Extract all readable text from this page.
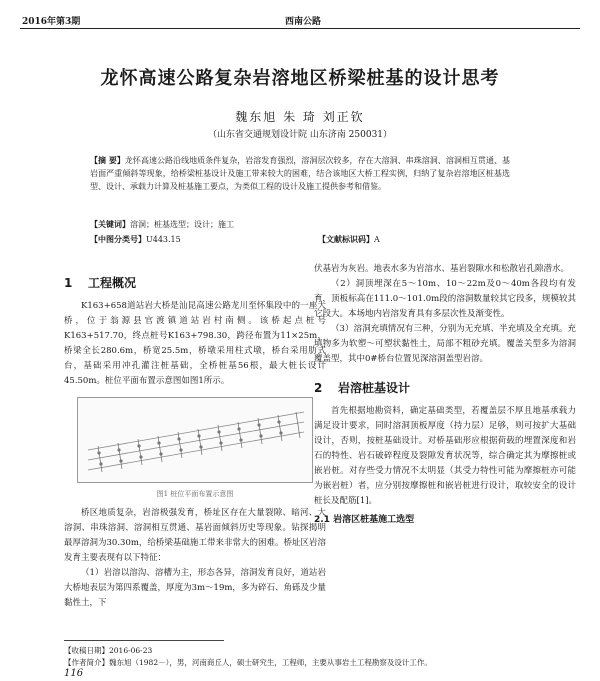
2016年第3期	西南公路
龙怀高速公路复杂岩溶地区桥梁桩基的设计思考
魏东旭 朱 琦 刘正钦
（山东省交通规划设计院 山东济南 250031）
【摘 要】龙怀高速公路沿线地质条件复杂，岩溶发育强烈，溶洞层次较多，存在大溶洞、串珠溶洞、溶洞相互贯通、基岩面严重倾斜等现象，给桥梁桩基设计及施工带来较大的困难，结合该地区大桥工程实例，归纳了复杂岩溶地区桩基选型、设计、承载力计算及桩基施工要点，为类似工程的设计及施工提供参考和借鉴。
【关键词】溶洞；桩基选型；设计；施工
【中图分类号】U443.15	【文献标识码】A
1 工程概况

K163+658道站岩大桥是汕昆高速公路龙川至怀集段中的一座大桥，位于翁源县官渡镇道站岩村南侧。该桥起点桩号K163+517.70，终点桩号K163+798.30，跨径布置为11×25m，桥梁全长280.6m，桥宽25.5m，桥墩采用柱式墩，桥台采用肋式台，基础采用冲孔灌注桩基础，全桥桩基56根，最大桩长设计45.50m。桩位平面布置示意图如图1所示。

图1 桩位平面布置示意图

桥区地质复杂，岩溶极强发育，桥址区存在大量裂隙、暗河、大溶洞、串珠溶洞、溶洞相互贯通、基岩面倾斜历史等现象。钻探揭明最厚溶洞为30.30m，给桥梁基础施工带来非常大的困难。桥址区岩溶发育主要表现有以下特征：

（1）岩溶以溶沟、溶槽为主，形态各异，溶洞发育良好，道站岩大桥地表层为第四系覆盖，厚度为3m～19m，多为碎石、角砾及少量黏性土，下

伏基岩为灰岩。地表水多为岩溶水、基岩裂隙水和松散岩孔隙潜水。

（2）洞顶埋深在5～10m、10～22m及0～40m各段均有发育，顶板标高在111.0～101.0m段的溶洞数量较其它段多，规模较其它段大。本场地内岩溶发育具有多层次性及渐变性。

（3）溶洞充填情况有三种，分别为无充填、半充填及全充填。充填物多为软塑～可塑状黏性土，局部不粗砂充填。覆盖关型多为溶洞覆盖型，其中0#桥台位置见深溶洞盖型岩溶。

2 岩溶桩基设计

首先根据地勘资料，确定基础类型，若覆盖层不厚且地基承载力满足设计要求，同时溶洞顶板厚度（持力层）足够，则可按扩大基础设计，否则，按桩基础设计。对桥基础形应根据荷载的埋置深度和岩石的特性、岩石破碎程度及裂隙发育状况等，综合确定其为摩擦桩或嵌岩桩。对存些受力情况不太明显（其受力特性可能为摩擦桩亦可能为嵌岩桩）者，应分别按摩擦桩和嵌岩桩进行设计，取较安全的设计桩长及配筋[1]。

2.1 岩溶区桩基施工选型
【收稿日期】2016-06-23
【作者简介】魏东旭（1982－），男，河南商丘人，硕士研究生，工程师，主要从事岩土工程勘察及设计工作。
116
